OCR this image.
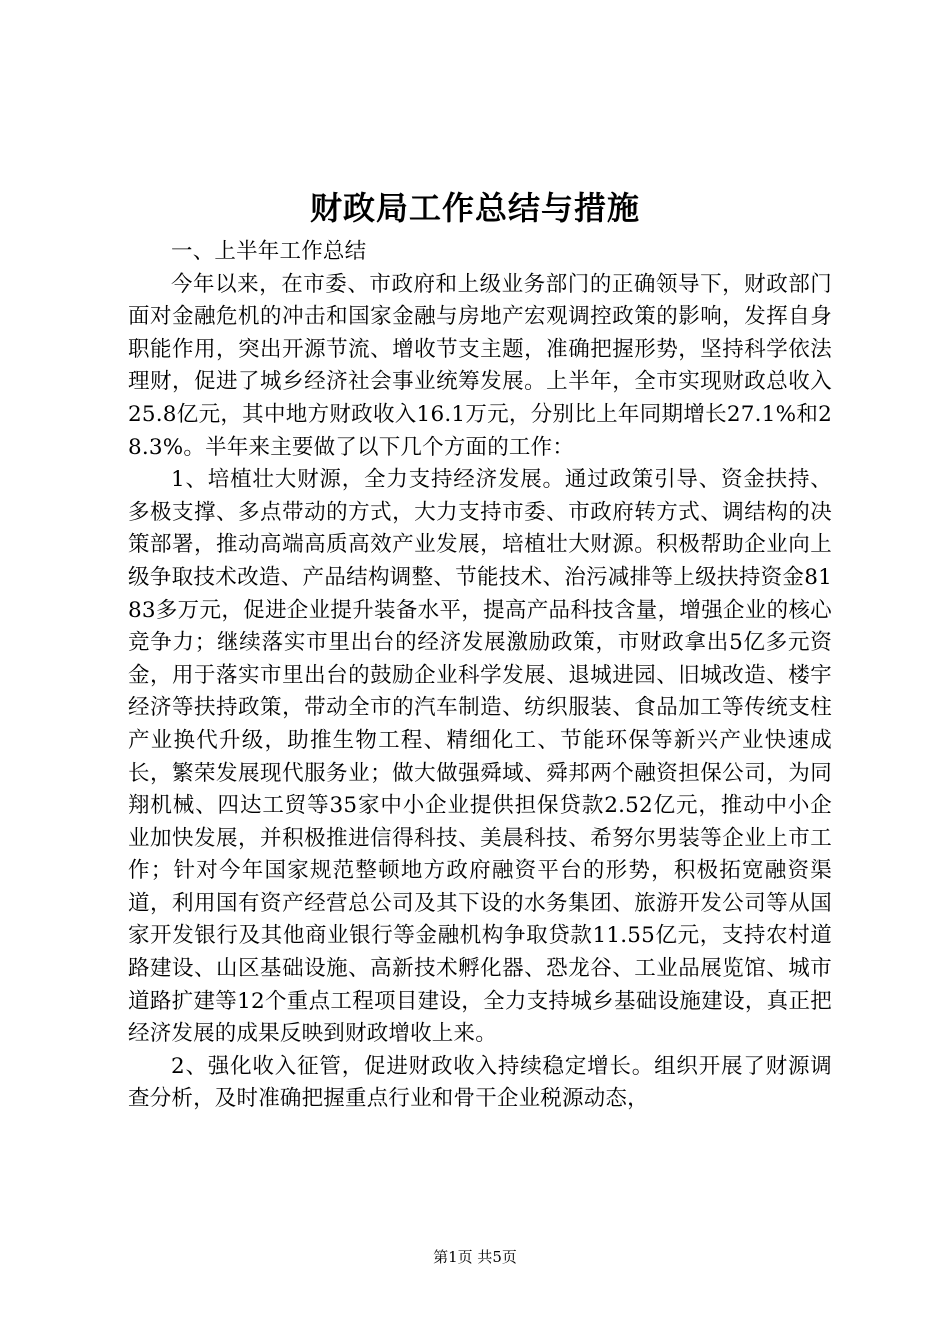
财政局工作总结与措施

一、上半年工作总结

今年以来，在市委、市政府和上级业务部门的正确领导下，财政部门面对金融危机的冲击和国家金融与房地产宏观调控政策的影响，发挥自身职能作用，突出开源节流、增收节支主题，准确把握形势，坚持科学依法理财，促进了城乡经济社会事业统筹发展。上半年，全市实现财政总收入25.8亿元，其中地方财政收入16.1万元，分别比上年同期增长27.1%和28.3%。半年来主要做了以下几个方面的工作：

1、培植壮大财源，全力支持经济发展。通过政策引导、资金扶持、多极支撑、多点带动的方式，大力支持市委、市政府转方式、调结构的决策部署，推动高端高质高效产业发展，培植壮大财源。积极帮助企业向上级争取技术改造、产品结构调整、节能技术、治污减排等上级扶持资金8183多万元，促进企业提升装备水平，提高产品科技含量，增强企业的核心竞争力；继续落实市里出台的经济发展激励政策，市财政拿出5亿多元资金，用于落实市里出台的鼓励企业科学发展、退城进园、旧城改造、楼宇经济等扶持政策，带动全市的汽车制造、纺织服装、食品加工等传统支柱产业换代升级，助推生物工程、精细化工、节能环保等新兴产业快速成长，繁荣发展现代服务业；做大做强舜域、舜邦两个融资担保公司，为同翔机械、四达工贸等35家中小企业提供担保贷款2.52亿元，推动中小企业加快发展，并积极推进信得科技、美晨科技、希努尔男装等企业上市工作；针对今年国家规范整顿地方政府融资平台的形势，积极拓宽融资渠道，利用国有资产经营总公司及其下设的水务集团、旅游开发公司等从国家开发银行及其他商业银行等金融机构争取贷款11.55亿元，支持农村道路建设、山区基础设施、高新技术孵化器、恐龙谷、工业品展览馆、城市道路扩建等12个重点工程项目建设，全力支持城乡基础设施建设，真正把经济发展的成果反映到财政增收上来。

2、强化收入征管，促进财政收入持续稳定增长。组织开展了财源调查分析，及时准确把握重点行业和骨干企业税源动态，

第1页 共5页
